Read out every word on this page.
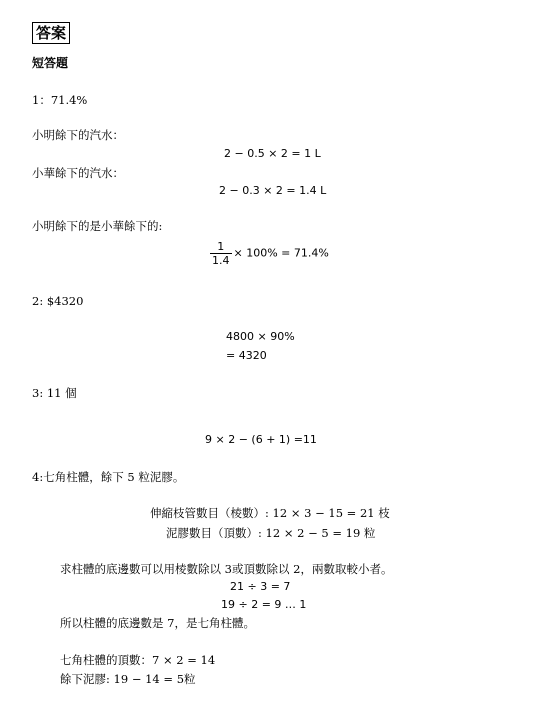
答案
短答題
1：71.4%
小明餘下的汽水：
2 − 0.5 × 2 = 1 L
小華餘下的汽水：
2 − 0.3 × 2 = 1.4 L
小明餘下的是小華餘下的:
$\frac{1}{1.4} \times 100\% = 71.4\%$
2: $4320
4800 × 90%
= 4320
3: 11 個
9 × 2 − (6 + 1) =11
4:七角柱體，餘下 5 粒泥膠。
伸縮枝管數目（棱數）: 12 × 3 − 15 = 21 枝
泥膠數目（頂數）: 12 × 2 − 5 = 19 粒
求柱體的底邊數可以用棱數除以 3或頂數除以 2，兩數取較小者。
21 ÷ 3 = 7
19 ÷ 2 = 9 … 1
所以柱體的底邊數是 7，是七角柱體。
七角柱體的頂數：7 × 2 = 14
餘下泥膠: 19 − 14 = 5粒
